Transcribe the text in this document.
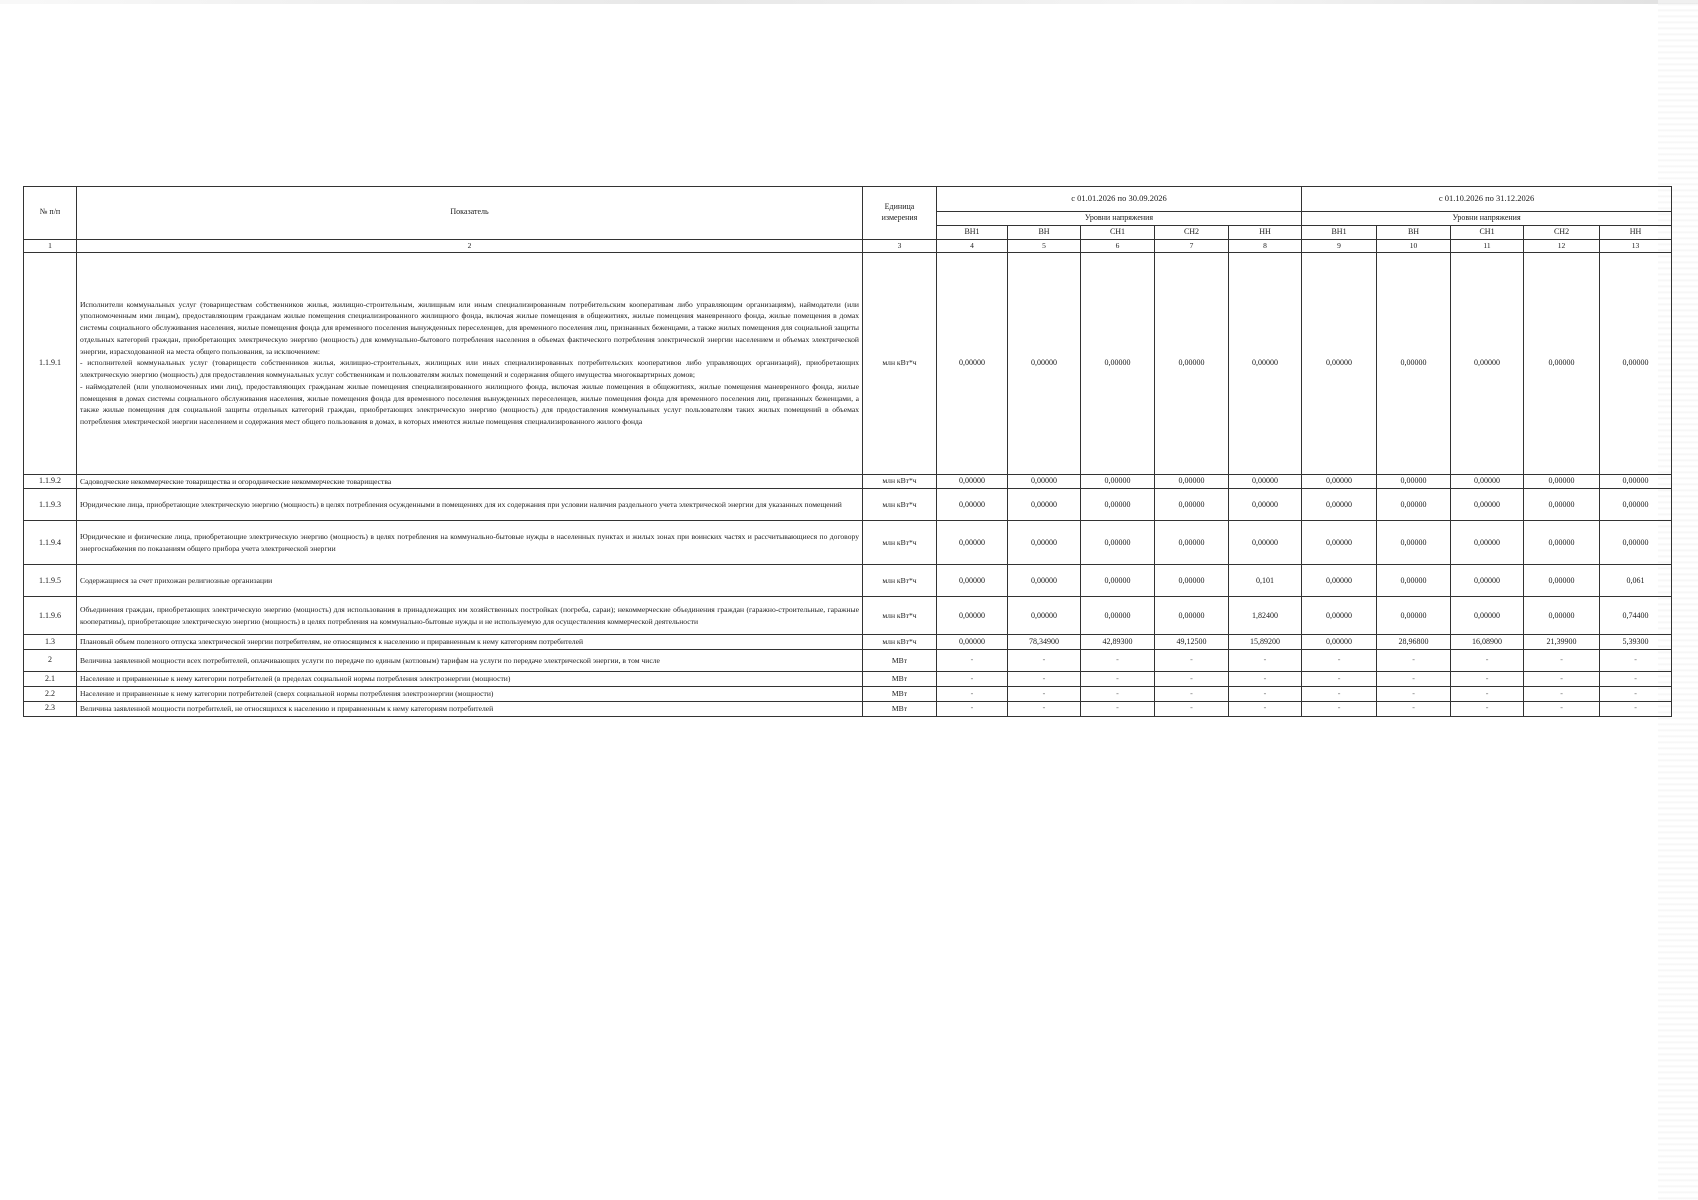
№ п/п	Показатель	Единица измерения	с 01.01.2026 по 30.09.2026					с 01.10.2026 по 31.12.2026				
			Уровни напряжения					Уровни напряжения				
			ВН1	ВН	СН1	СН2	НН	ВН1	ВН	СН1	СН2	НН
1	2	3	4	5	6	7	8	9	10	11	12	13
1.1.9.1	Исполнители коммунальных услуг (товариществам собственников жилья, жилищно-строительным, жилищным или иным специализированным потребительским кооперативам либо управляющим организациям), наймодатели (или уполномоченным ими лицам), предоставляющим гражданам жилые помещения специализированного жилищного фонда, включая жилые помещения в общежитиях, жилые помещения маневренного фонда, жилые помещения в домах системы социального обслуживания населения, жилые помещения фонда для временного поселения вынужденных переселенцев, для временного поселения лиц, признанных беженцами, а также жилых помещения для социальной защиты отдельных категорий граждан, приобретающих электрическую энергию (мощность) для коммунально-бытового потребления населения в объемах фактического потребления электрической энергии населением и объемах электрической энергии, израсходованной на места общего пользования, за исключением:

- исполнителей коммунальных услуг (товариществ собственников жилья, жилищно-строительных, жилищных или иных специализированных потребительских кооперативов либо управляющих организаций), приобретающих электрическую энергию (мощность) для предоставления коммунальных услуг собственникам и пользователям жилых помещений и содержания общего имущества многоквартирных домов;

- наймодателей (или уполномоченных ими лиц), предоставляющих гражданам жилые помещения специализированного жилищного фонда, включая жилые помещения в общежитиях, жилые помещения маневренного фонда, жилые помещения в домах системы социального обслуживания населения, жилые помещения фонда для временного поселения вынужденных переселенцев, жилые помещения фонда для временного поселения лиц, признанных беженцами, а также жилые помещения для социальной защиты отдельных категорий граждан, приобретающих электрическую энергию (мощность) для предоставления коммунальных услуг пользователям таких жилых помещений в объемах потребления электрической энергии населением и содержания мест общего пользования в домах, в которых имеются жилые помещения специализированного жилого фонда	млн кВт*ч	0,00000	0,00000	0,00000	0,00000	0,00000	0,00000	0,00000	0,00000	0,00000	0,00000
1.1.9.2	Садоводческие некоммерческие товарищества и огороднические некоммерческие товарищества	млн кВт*ч	0,00000	0,00000	0,00000	0,00000	0,00000	0,00000	0,00000	0,00000	0,00000	0,00000
1.1.9.3	Юридические лица, приобретающие электрическую энергию (мощность) в целях потребления осужденными в помещениях для их содержания при условии наличия раздельного учета электрической энергии для указанных помещений	млн кВт*ч	0,00000	0,00000	0,00000	0,00000	0,00000	0,00000	0,00000	0,00000	0,00000	0,00000
1.1.9.4	Юридические и физические лица, приобретающие электрическую энергию (мощность) в целях потребления на коммунально-бытовые нужды в населенных пунктах и жилых зонах при воинских частях и рассчитывающиеся по договору энергоснабжения по показаниям общего прибора учета электрической энергии	млн кВт*ч	0,00000	0,00000	0,00000	0,00000	0,00000	0,00000	0,00000	0,00000	0,00000	0,00000
1.1.9.5	Содержащиеся за счет прихожан религиозные организации	млн кВт*ч	0,00000	0,00000	0,00000	0,00000	0,101	0,00000	0,00000	0,00000	0,00000	0,061
1.1.9.6	Объединения граждан, приобретающих электрическую энергию (мощность) для использования в принадлежащих им хозяйственных постройках (погреба, сараи); некоммерческие объединения граждан (гаражно-строительные, гаражные кооперативы), приобретающие электрическую энергию (мощность) в целях потребления на коммунально-бытовые нужды и не используемую для осуществления коммерческой деятельности	млн кВт*ч	0,00000	0,00000	0,00000	0,00000	1,82400	0,00000	0,00000	0,00000	0,00000	0,74400
1.3	Плановый объем полезного отпуска электрической энергии потребителям, не относящимся к населению и приравненным к нему категориям потребителей	млн кВт*ч	0,00000	78,34900	42,89300	49,12500	15,89200	0,00000	28,96800	16,08900	21,39900	5,39300
2	Величина заявленной мощности всех потребителей, оплачивающих услуги по передаче по единым (котловым) тарифам на услуги по передаче электрической энергии, в том числе	МВт	-	-	-	-	-	-	-	-	-	-
2.1	Население и приравненные к нему категории потребителей (в пределах социальной нормы потребления электроэнергии (мощности)	МВт	-	-	-	-	-	-	-	-	-	-
2.2	Население и приравненные к нему категории потребителей (сверх социальной нормы потребления электроэнергии (мощности)	МВт	-	-	-	-	-	-	-	-	-	-
2.3	Величина заявленной мощности потребителей, не относящихся к населению и приравненным к нему категориям потребителей	МВт	-	-	-	-	-	-	-	-	-	-
